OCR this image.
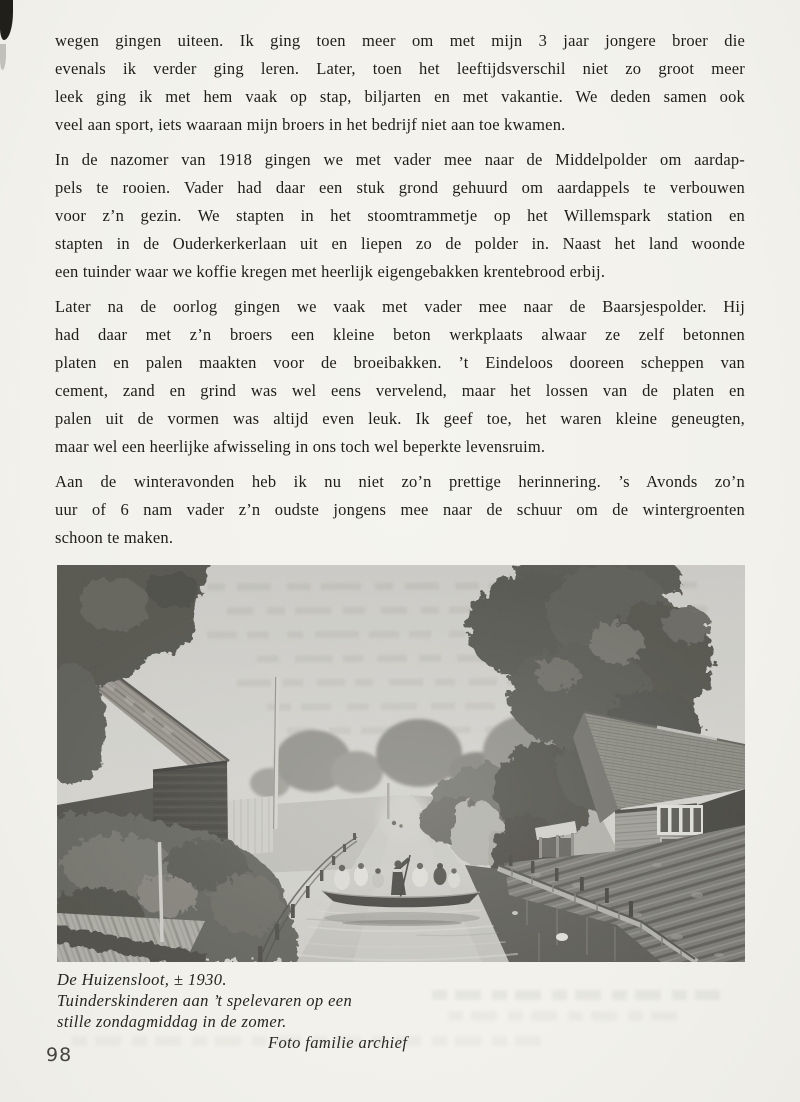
wegen gingen uiteen. Ik ging toen meer om met mijn 3 jaar jongere broer die
evenals ik verder ging leren. Later, toen het leeftijdsverschil niet zo groot meer
leek ging ik met hem vaak op stap, biljarten en met vakantie. We deden samen ook
veel aan sport, iets waaraan mijn broers in het bedrijf niet aan toe kwamen.
In de nazomer van 1918 gingen we met vader mee naar de Middelpolder om aardap-
pels te rooien. Vader had daar een stuk grond gehuurd om aardappels te verbouwen
voor z’n gezin. We stapten in het stoomtrammetje op het Willemspark station en
stapten in de Ouderkerkerlaan uit en liepen zo de polder in. Naast het land woonde
een tuinder waar we koffie kregen met heerlijk eigengebakken krentebrood erbij.
Later na de oorlog gingen we vaak met vader mee naar de Baarsjespolder. Hij
had daar met z’n broers een kleine beton werkplaats alwaar ze zelf betonnen
platen en palen maakten voor de broeibakken. ’t Eindeloos dooreen scheppen van
cement, zand en grind was wel eens vervelend, maar het lossen van de platen en
palen uit de vormen was altijd even leuk. Ik geef toe, het waren kleine geneugten,
maar wel een heerlijke afwisseling in ons toch wel beperkte levensruim.
Aan de winteravonden heb ik nu niet zo’n prettige herinnering. ’s Avonds zo’n
uur of 6 nam vader z’n oudste jongens mee naar de schuur om de wintergroenten
schoon te maken.
De Huizensloot, ± 1930.
Tuinderskinderen aan ’t spelevaren op een
stille zondagmiddag in de zomer.
Foto familie archief
98
